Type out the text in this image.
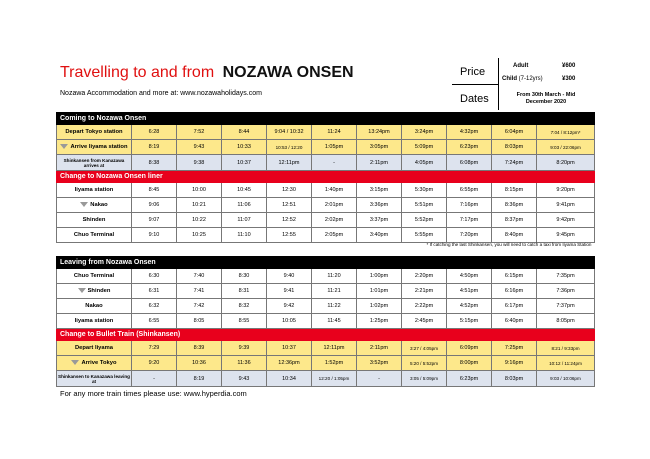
Travelling to and from NOZAWA ONSEN
Nozawa Accommodation and more at: www.nozawaholidays.com
Price
Dates
Adult	¥600
Child (7-12yrs)	¥300
From 30th March - Mid December 2020
Coming to Nozawa Onsen										
Depart Tokyo station	6:28	7:52	8:44	9:04 / 10:32	11:24	13:24pm	3:24pm	4:32pm	6:04pm	7:04 / 8:12pm*
Arrive Iiyama station	8:19	9:43	10:33	10:53 / 12:20	1:05pm	3:05pm	5:09pm	6:23pm	8:03pm	9:03 / 22:06pm
Shinkansen from Kanazawa arrives at	8:38	9:38	10:37	12:11pm	-	2:11pm	4:05pm	6:08pm	7:24pm	8:20pm
Change to Nozawa Onsen liner										
Iiyama station	8:45	10:00	10:45	12:30	1:40pm	3:15pm	5:30pm	6:55pm	8:15pm	9:20pm
Nakao	9:06	10:21	11:06	12:51	2:01pm	3:36pm	5:51pm	7:16pm	8:36pm	9:41pm
Shinden	9:07	10:22	11:07	12:52	2:02pm	3:37pm	5:52pm	7:17pm	8:37pm	9:42pm
Chuo Terminal	9:10	10:25	11:10	12:55	2:05pm	3:40pm	5:55pm	7:20pm	8:40pm	9:45pm
* If catching the last Shinkansen, you will need to catch a taxi from Iiyama Station
Leaving from Nozawa Onsen										
Chuo Terminal	6:30	7:40	8:30	9:40	11:20	1:00pm	2:20pm	4:50pm	6:15pm	7:35pm
Shinden	6:31	7:41	8:31	9:41	11:21	1:01pm	2:21pm	4:51pm	6:16pm	7:36pm
Nakao	6:32	7:42	8:32	9:42	11:22	1:02pm	2:22pm	4:52pm	6:17pm	7:37pm
Iiyama station	6:55	8:05	8:55	10:05	11:45	1:25pm	2:45pm	5:15pm	6:40pm	8:05pm
Change to Bullet Train (Shinkansen)										
Depart Iiyama	7:29	8:39	9:39	10:37	12:11pm	2:11pm	3:27 / 4:05pm	6:09pm	7:25pm	8:21 / 9:33pm
Arrive Tokyo	9:20	10:36	11:36	12:36pm	1:52pm	3:52pm	5:20 / 5:52pm	8:00pm	9:16pm	10:12 / 11:24pm
Shinkansen to Kanazawa leaving at	-	8:19	9:43	10:34	12:20 / 1:05pm	-	3:05 / 5:09pm	6:23pm	8:03pm	9:03 / 10:06pm
For any more train times please use: www.hyperdia.com
